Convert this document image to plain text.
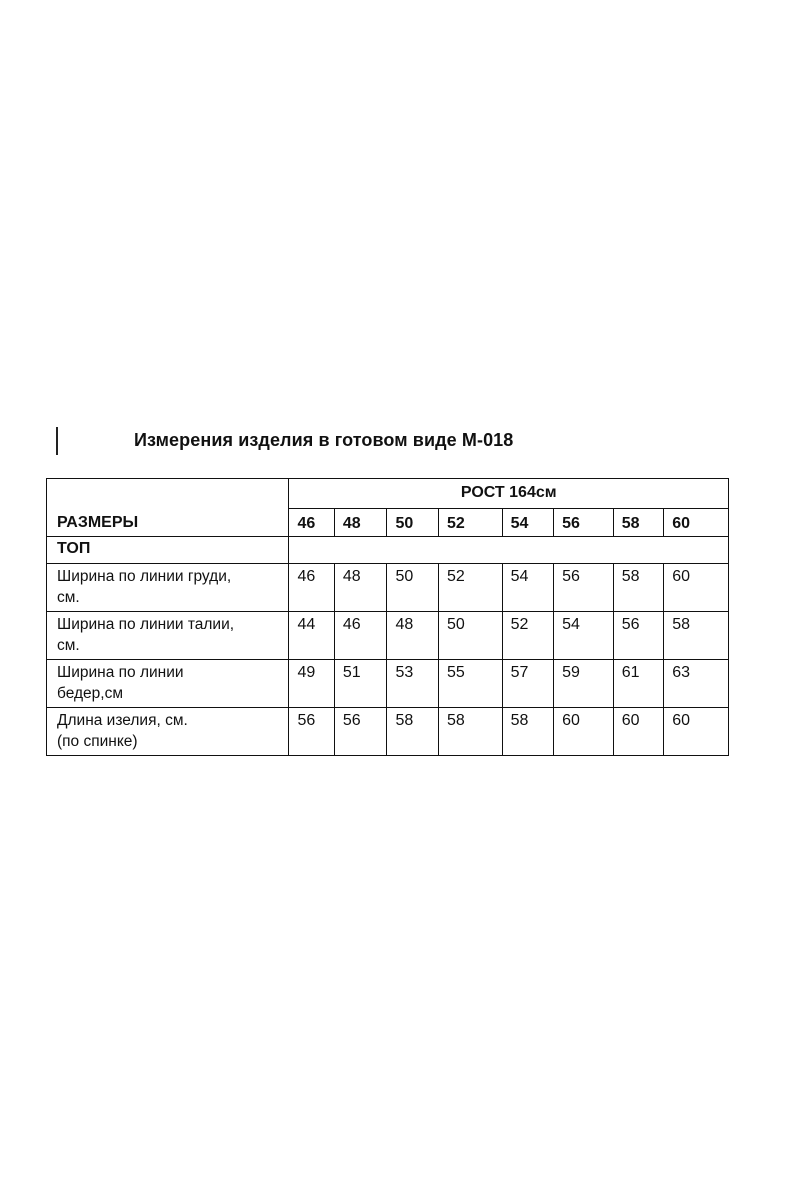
Измерения изделия в готовом виде М-018
РАЗМЕРЫ	РОСТ 164см							
	46	48	50	52	54	56	58	60
ТОП								

Ширина по линии груди,
см.	46	48	50	52	54	56	58	60

Ширина по линии талии,
см.	44	46	48	50	52	54	56	58

Ширина по линии
бедер,см	49	51	53	55	57	59	61	63

Длина изелия, см.
(по спинке)	56	56	58	58	58	60	60	60
